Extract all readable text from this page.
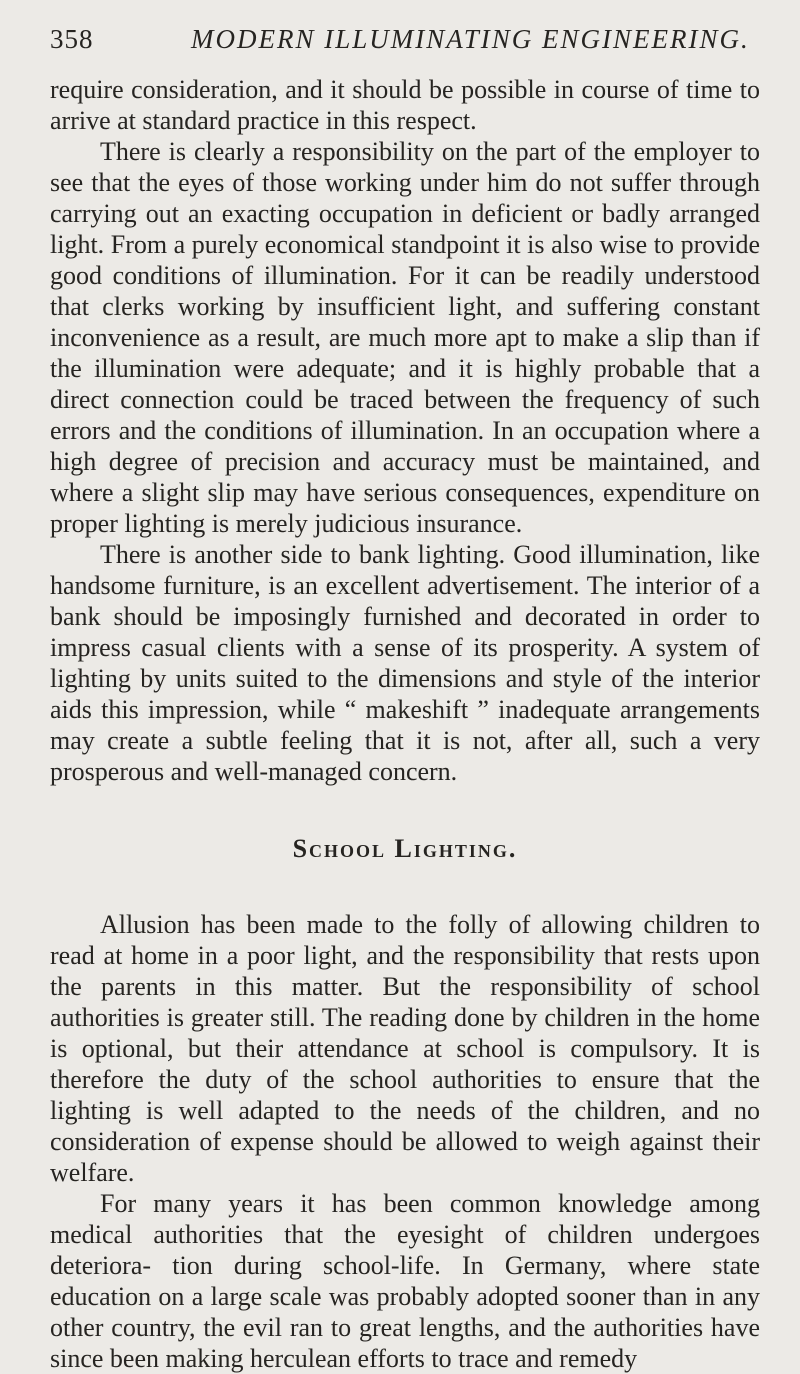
358	MODERN ILLUMINATING ENGINEERING.

require consideration, and it should be possible in course of time to arrive at standard practice in this respect.

There is clearly a responsibility on the part of the employer to see that the eyes of those working under him do not suffer through carrying out an exacting occupation in deficient or badly arranged light. From a purely economical standpoint it is also wise to provide good conditions of illumination. For it can be readily understood that clerks working by insufficient light, and suffering constant inconvenience as a result, are much more apt to make a slip than if the illumination were adequate; and it is highly probable that a direct connection could be traced between the frequency of such errors and the conditions of illumination. In an occupation where a high degree of precision and accuracy must be maintained, and where a slight slip may have serious consequences, expenditure on proper lighting is merely judicious insurance.

There is another side to bank lighting. Good illumination, like handsome furniture, is an excellent advertisement. The interior of a bank should be imposingly furnished and decorated in order to impress casual clients with a sense of its prosperity. A system of lighting by units suited to the dimensions and style of the interior aids this impression, while “ makeshift ” inadequate arrangements may create a subtle feeling that it is not, after all, such a very prosperous and well-managed concern.

School Lighting.

Allusion has been made to the folly of allowing children to read at home in a poor light, and the responsibility that rests upon the parents in this matter. But the responsibility of school authorities is greater still. The reading done by children in the home is optional, but their attendance at school is compulsory. It is therefore the duty of the school authorities to ensure that the lighting is well adapted to the needs of the children, and no consideration of expense should be allowed to weigh against their welfare.

For many years it has been common knowledge among medical authorities that the eyesight of children undergoes deteriora- tion during school-life. In Germany, where state education on a large scale was probably adopted sooner than in any other country, the evil ran to great lengths, and the authorities have since been making herculean efforts to trace and remedy
